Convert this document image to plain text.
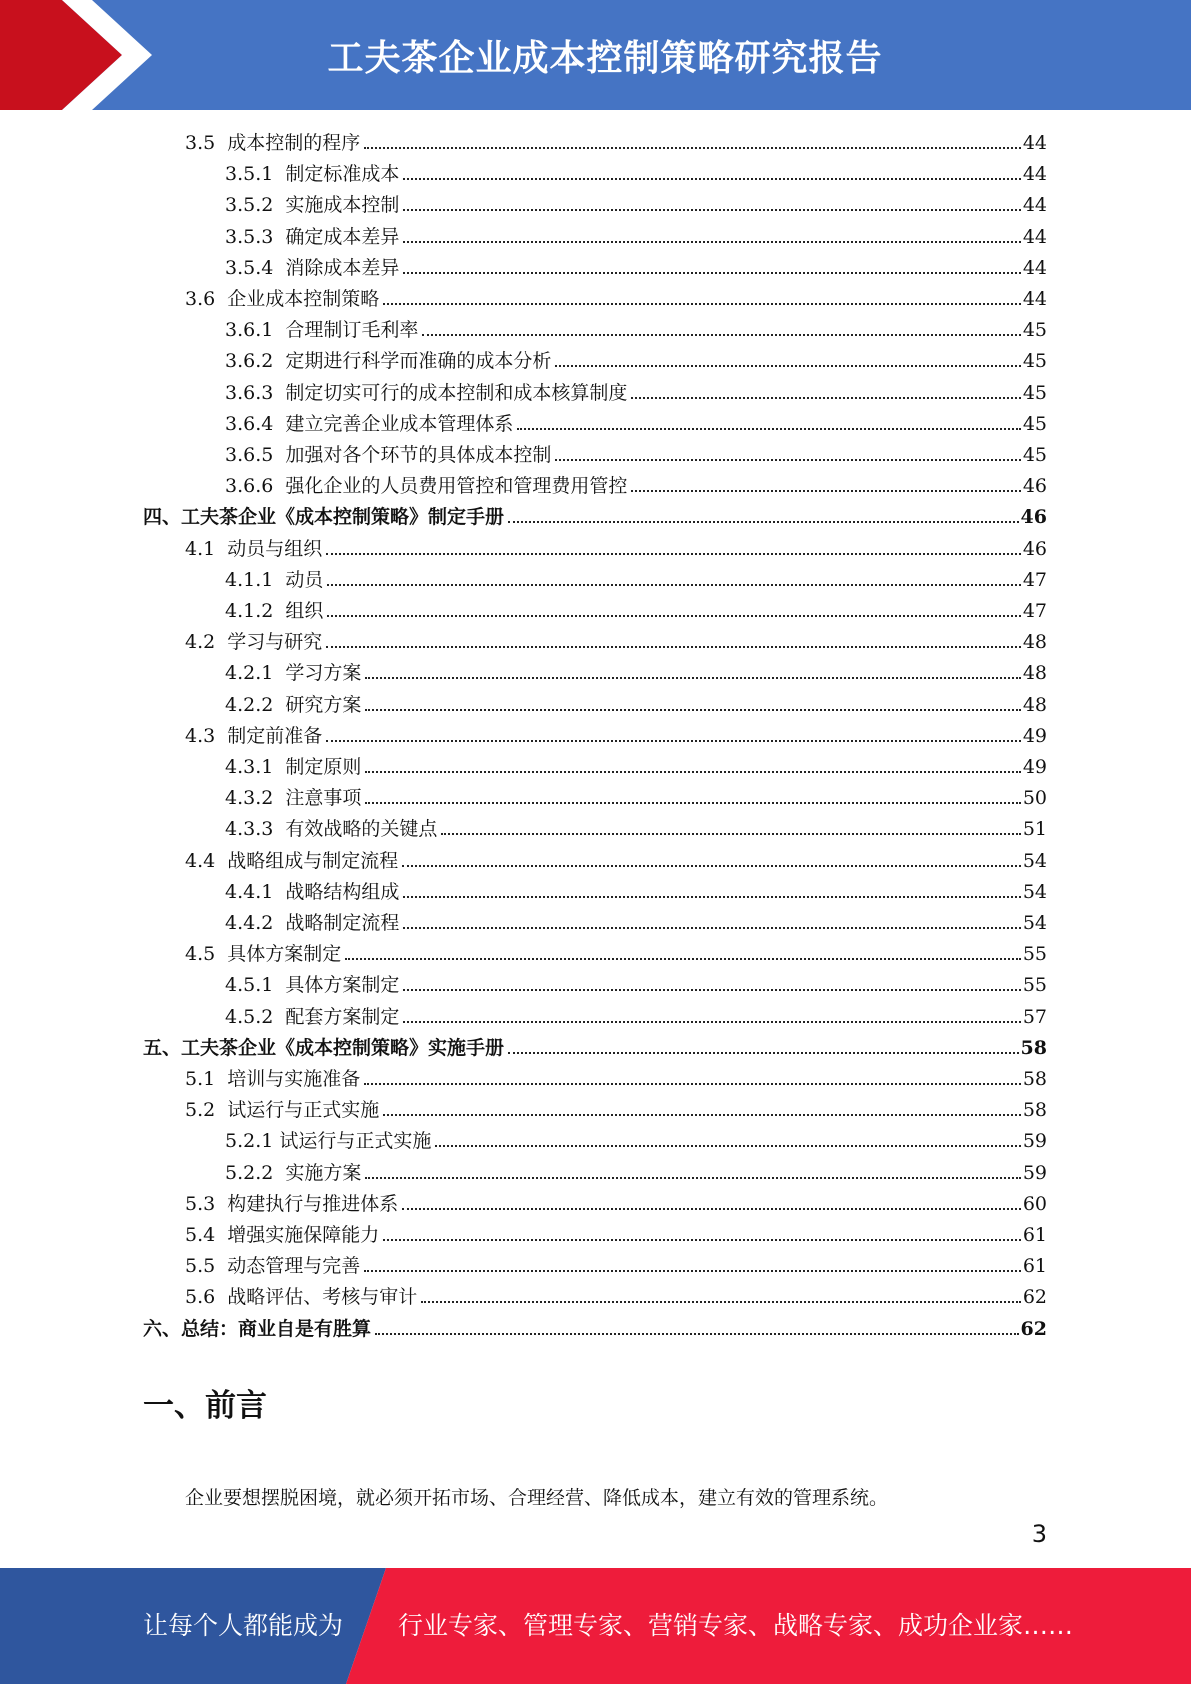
工夫茶企业成本控制策略研究报告
3.5  成本控制的程序	44
3.5.1  制定标准成本	44
3.5.2  实施成本控制	44
3.5.3  确定成本差异	44
3.5.4  消除成本差异	44
3.6  企业成本控制策略	44
3.6.1  合理制订毛利率	45
3.6.2  定期进行科学而准确的成本分析	45
3.6.3  制定切实可行的成本控制和成本核算制度	45
3.6.4  建立完善企业成本管理体系	45
3.6.5  加强对各个环节的具体成本控制	45
3.6.6  强化企业的人员费用管控和管理费用管控	46
四、工夫茶企业《成本控制策略》制定手册	46
4.1  动员与组织	46
4.1.1  动员	47
4.1.2  组织	47
4.2  学习与研究	48
4.2.1  学习方案	48
4.2.2  研究方案	48
4.3  制定前准备	49
4.3.1  制定原则	49
4.3.2  注意事项	50
4.3.3  有效战略的关键点	51
4.4  战略组成与制定流程	54
4.4.1  战略结构组成	54
4.4.2  战略制定流程	54
4.5  具体方案制定	55
4.5.1  具体方案制定	55
4.5.2  配套方案制定	57
五、工夫茶企业《成本控制策略》实施手册	58
5.1  培训与实施准备	58
5.2  试运行与正式实施	58
5.2.1 试运行与正式实施	59
5.2.2  实施方案	59
5.3  构建执行与推进体系	60
5.4  增强实施保障能力	61
5.5  动态管理与完善	61
5.6  战略评估、考核与审计	62
六、总结：商业自是有胜算	62
一、前言

企业要想摆脱困境，就必须开拓市场、合理经营、降低成本，建立有效的管理系统。

3
让每个人都能成为 行业专家、管理专家、营销专家、战略专家、成功企业家……
